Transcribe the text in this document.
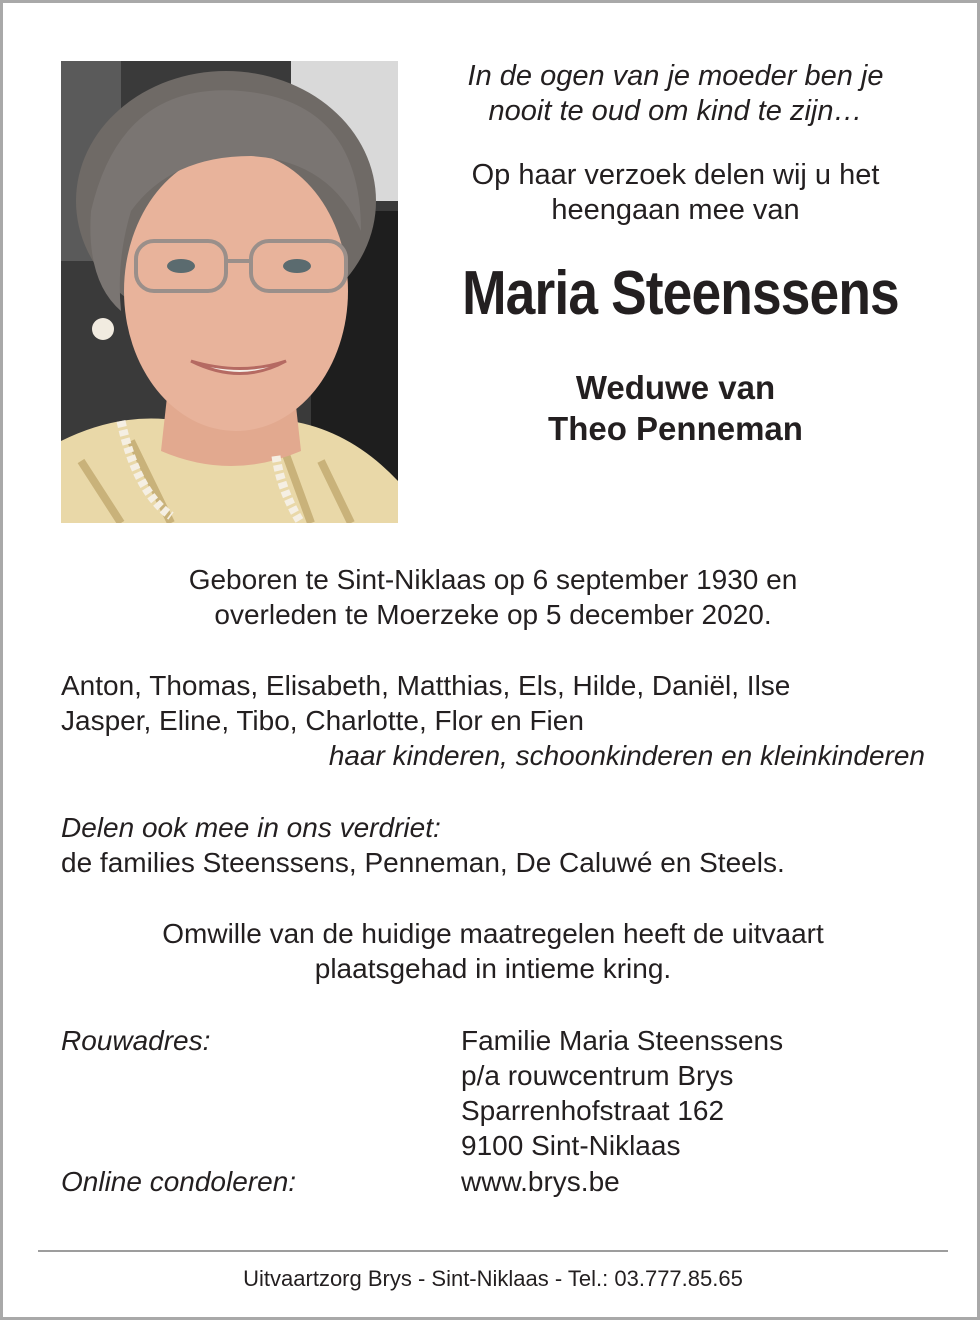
In de ogen van je moeder ben je
nooit te oud om kind te zijn…

Op haar verzoek delen wij u het
heengaan mee van

Maria Steenssens
Weduwe van
Theo Penneman
Geboren te Sint-Niklaas op 6 september 1930 en
overleden te Moerzeke op 5 december 2020.
Anton, Thomas, Elisabeth, Matthias, Els, Hilde, Daniël, Ilse
Jasper, Eline, Tibo, Charlotte, Flor en Fien
haar kinderen, schoonkinderen en kleinkinderen
Delen ook mee in ons verdriet:
de families Steenssens, Penneman, De Caluwé en Steels.
Omwille van de huidige maatregelen heeft de uitvaart
plaatsgehad in intieme kring.
Rouwadres:	Familie Maria Steenssens
p/a rouwcentrum Brys
Sparrenhofstraat 162
9100 Sint-Niklaas
Online condoleren:	www.brys.be
Uitvaartzorg Brys - Sint-Niklaas - Tel.: 03.777.85.65
